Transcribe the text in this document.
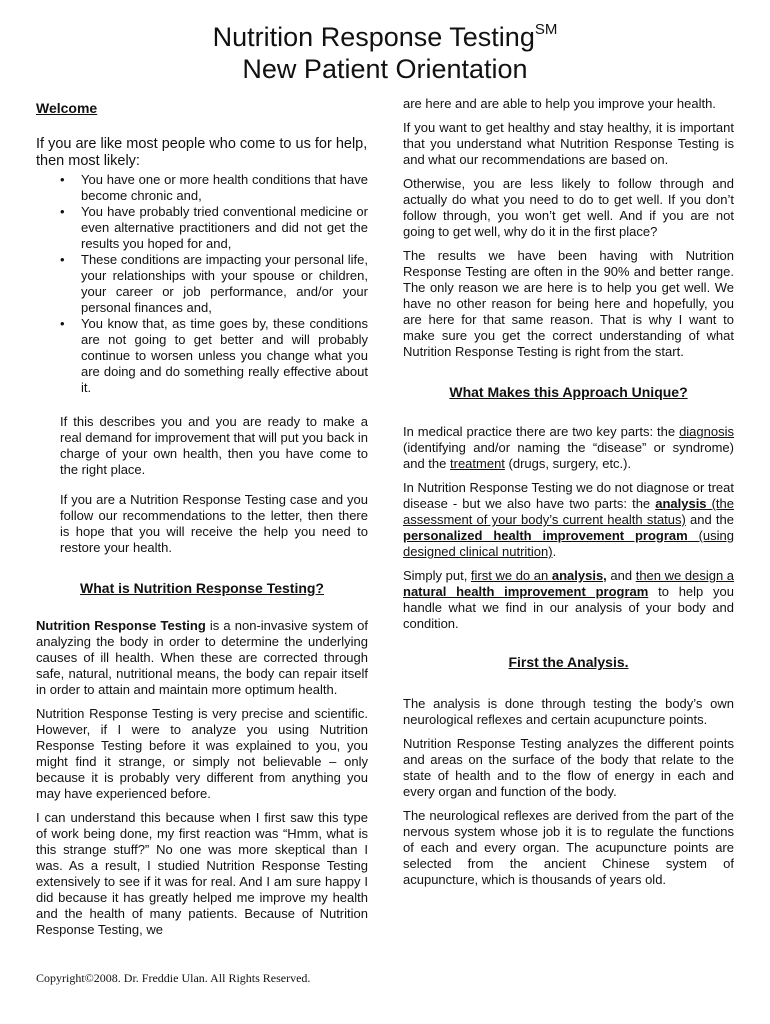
Nutrition Response Testing℠
New Patient Orientation
Welcome

If you are like most people who come to us for help, then most likely:

• You have one or more health conditions that have become chronic and,
• You have probably tried conventional medicine or even alternative practitioners and did not get the results you hoped for and,
• These conditions are impacting your personal life, your relationships with your spouse or children, your career or job performance, and/or your personal finances and,
• You know that, as time goes by, these conditions are not going to get better and will probably continue to worsen unless you change what you are doing and do something really effective about it.

If this describes you and you are ready to make a real demand for improvement that will put you back in charge of your own health, then you have come to the right place.

If you are a Nutrition Response Testing case and you follow our recommendations to the letter, then there is hope that you will receive the help you need to restore your health.

What is Nutrition Response Testing?

Nutrition Response Testing is a non-invasive system of analyzing the body in order to determine the underlying causes of ill health. When these are corrected through safe, natural, nutritional means, the body can repair itself in order to attain and maintain more optimum health.

Nutrition Response Testing is very precise and scientific. However, if I were to analyze you using Nutrition Response Testing before it was explained to you, you might find it strange, or simply not believable – only because it is probably very different from anything you may have experienced before.

I can understand this because when I first saw this type of work being done, my first reaction was “Hmm, what is this strange stuff?” No one was more skeptical than I was. As a result, I studied Nutrition Response Testing extensively to see if it was for real. And I am sure happy I did because it has greatly helped me improve my health and the health of many patients. Because of Nutrition Response Testing, we

are here and are able to help you improve your health.

If you want to get healthy and stay healthy, it is important that you understand what Nutrition Response Testing is and what our recommendations are based on.

Otherwise, you are less likely to follow through and actually do what you need to do to get well. If you don’t follow through, you won’t get well. And if you are not going to get well, why do it in the first place?

The results we have been having with Nutrition Response Testing are often in the 90% and better range. The only reason we are here is to help you get well. We have no other reason for being here and hopefully, you are here for that same reason. That is why I want to make sure you get the correct understanding of what Nutrition Response Testing is right from the start.

What Makes this Approach Unique?

In medical practice there are two key parts: the diagnosis (identifying and/or naming the “disease” or syndrome) and the treatment (drugs, surgery, etc.).

In Nutrition Response Testing we do not diagnose or treat disease - but we also have two parts: the analysis (the assessment of your body’s current health status) and the personalized health improvement program (using designed clinical nutrition).

Simply put, first we do an analysis, and then we design a natural health improvement program to help you handle what we find in our analysis of your body and condition.

First the Analysis.

The analysis is done through testing the body’s own neurological reflexes and certain acupuncture points.

Nutrition Response Testing analyzes the different points and areas on the surface of the body that relate to the state of health and to the flow of energy in each and every organ and function of the body.

The neurological reflexes are derived from the part of the nervous system whose job it is to regulate the functions of each and every organ. The acupuncture points are selected from the ancient Chinese system of acupuncture, which is thousands of years old.

Copyright©2008. Dr. Freddie Ulan. All Rights Reserved.
